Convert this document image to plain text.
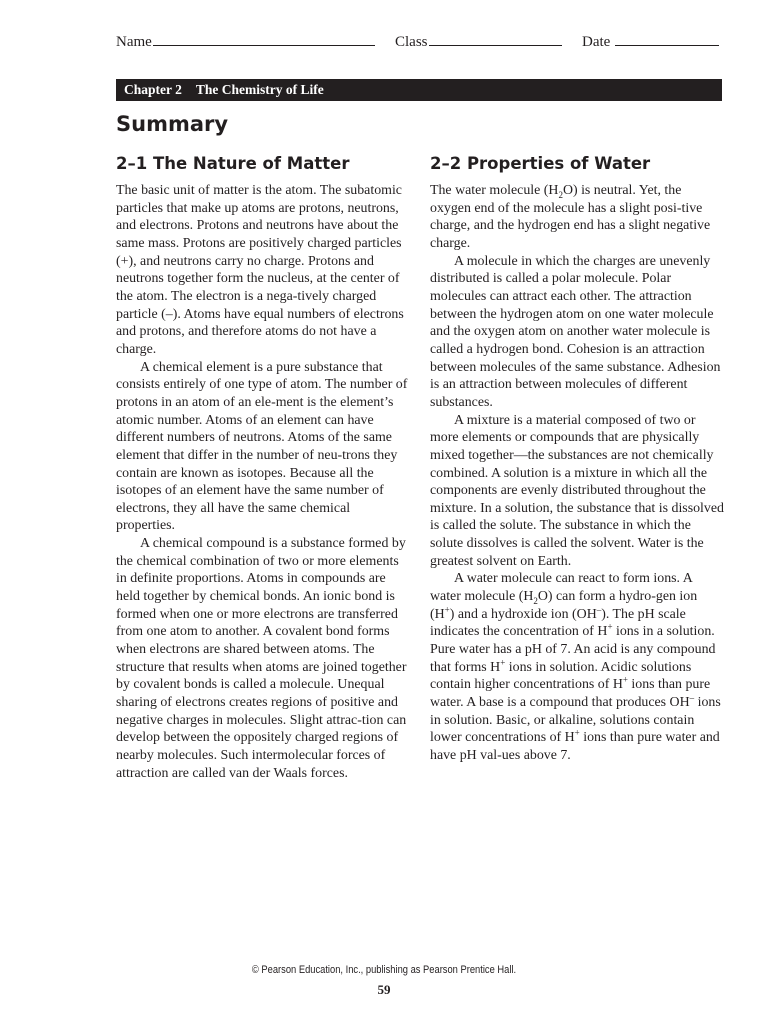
Name	Class	Date
Chapter 2 The Chemistry of Life
Summary
2–1 The Nature of Matter

The basic unit of matter is the atom. The subatomic particles that make up atoms are protons, neutrons, and electrons. Protons and neutrons have about the same mass. Protons are positively charged particles (+), and neutrons carry no charge. Protons and neutrons together form the nucleus, at the center of the atom. The electron is a nega-tively charged particle (–). Atoms have equal numbers of electrons and protons, and therefore atoms do not have a charge.

A chemical element is a pure substance that consists entirely of one type of atom. The number of protons in an atom of an ele-ment is the element’s atomic number. Atoms of an element can have different numbers of neutrons. Atoms of the same element that differ in the number of neu-trons they contain are known as isotopes. Because all the isotopes of an element have the same number of electrons, they all have the same chemical properties.

A chemical compound is a substance formed by the chemical combination of two or more elements in definite proportions. Atoms in compounds are held together by chemical bonds. An ionic bond is formed when one or more electrons are transferred from one atom to another. A covalent bond forms when electrons are shared between atoms. The structure that results when atoms are joined together by covalent bonds is called a molecule. Unequal sharing of electrons creates regions of positive and negative charges in molecules. Slight attrac-tion can develop between the oppositely charged regions of nearby molecules. Such intermolecular forces of attraction are called van der Waals forces.

2–2 Properties of Water

The water molecule $(H_2O)$ is neutral. Yet, the oxygen end of the molecule has a slight posi-tive charge, and the hydrogen end has a slight negative charge.

A molecule in which the charges are unevenly distributed is called a polar molecule. Polar molecules can attract each other. The attraction between the hydrogen atom on one water molecule and the oxygen atom on another water molecule is called a hydrogen bond. Cohesion is an attraction between molecules of the same substance. Adhesion is an attraction between molecules of different substances.

A mixture is a material composed of two or more elements or compounds that are physically mixed together—the substances are not chemically combined. A solution is a mixture in which all the components are evenly distributed throughout the mixture. In a solution, the substance that is dissolved is called the solute. The substance in which the solute dissolves is called the solvent. Water is the greatest solvent on Earth.

A water molecule can react to form ions. A water molecule $(H_2O)$ can form a hydro-gen ion (H+) and a hydroxide ion (OH–). The pH scale indicates the concentration of H+ ions in a solution. Pure water has a pH of 7. An acid is any compound that forms H+ ions in solution. Acidic solutions contain higher concentrations of H+ ions than pure water. A base is a compound that produces OH– ions in solution. Basic, or alkaline, solutions contain lower concentrations of H+ ions than pure water and have pH val-ues above 7.

© Pearson Education, Inc., publishing as Pearson Prentice Hall.
59
